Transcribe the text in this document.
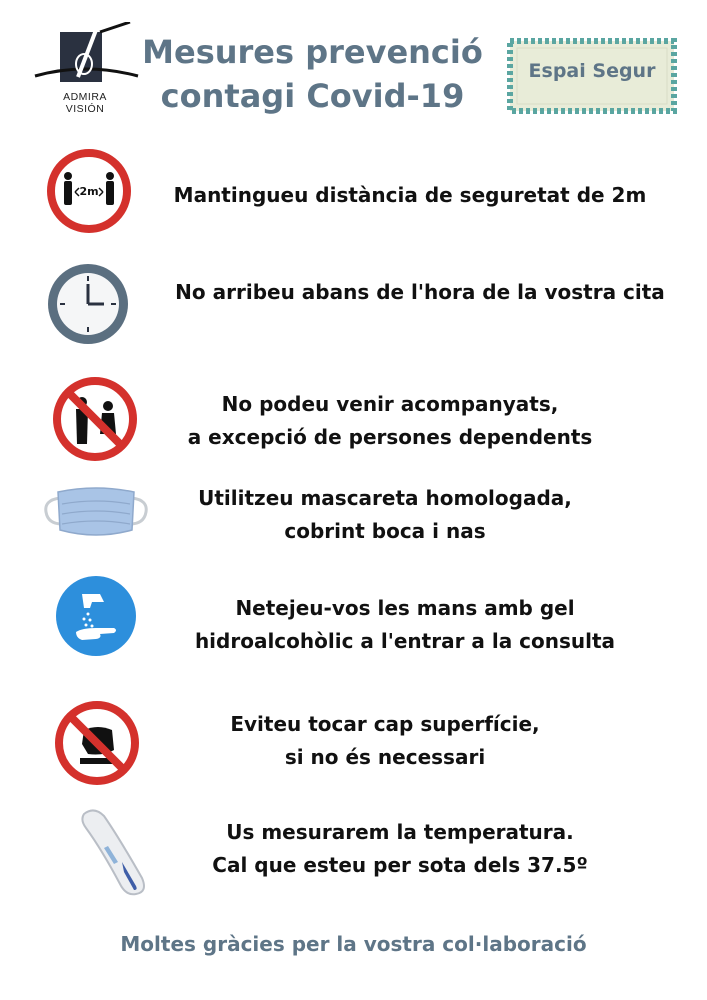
ADMIRA
VISIÓN
Mesures prevenció
contagi Covid-19
Espai Segur
2m	Mantingueu distància de seguretat de 2m
No arribeu abans de l'hora de la vostra cita
No podeu venir acompanyats,
a excepció de persones dependents
Utilitzeu mascareta homologada,
cobrint boca i nas
Netejeu-vos les mans amb gel
hidroalcohòlic a l'entrar a la consulta
Eviteu tocar cap superfície,
si no és necessari
Us mesurarem la temperatura.
Cal que esteu per sota dels 37.5º
Moltes gràcies per la vostra col·laboració
